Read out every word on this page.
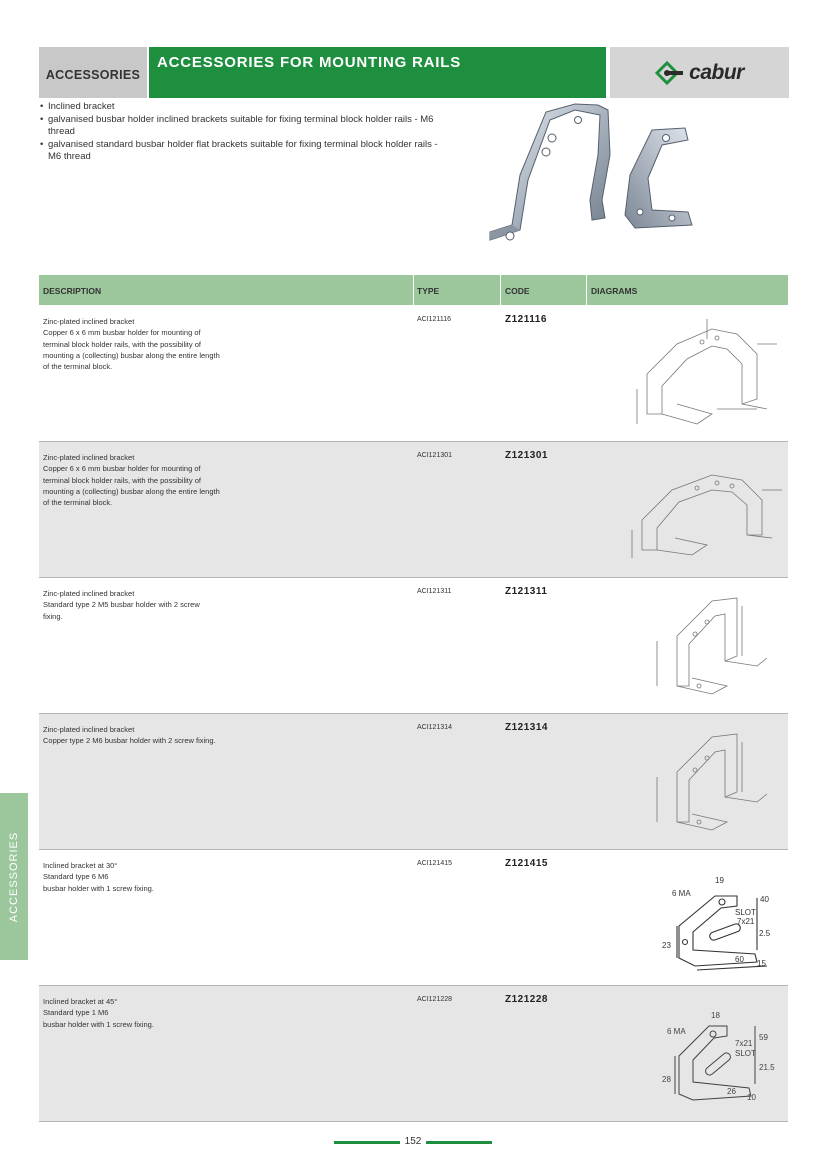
ACCESSORIES
ACCESSORIES FOR MOUNTING RAILS	cabur
• Inclined bracket
• galvanised busbar holder inclined brackets suitable for fixing terminal block holder rails - M6 thread
• galvanised standard busbar holder flat brackets suitable for fixing terminal block holder rails - M6 thread
DESCRIPTION	TYPE	CODE	DIAGRAMS
Zinc-plated inclined bracket
Copper 6 x 6 mm busbar holder for mounting of
terminal block holder rails, with the possibility of
mounting a (collecting) busbar along the entire length
of the terminal block.
ACI121116	Z121116
Zinc-plated inclined bracket
Copper 6 x 6 mm busbar holder for mounting of
terminal block holder rails, with the possibility of
mounting a (collecting) busbar along the entire length
of the terminal block.
ACI121301	Z121301
Zinc-plated inclined bracket
Standard type 2 M5 busbar holder with 2 screw
fixing.
ACI121311	Z121311
Zinc-plated inclined bracket
Copper type 2 M6 busbar holder with 2 screw fixing.
ACI121314	Z121314
Inclined bracket at 30°
Standard type 6 M6
busbar holder with 1 screw fixing.
ACI121415	Z121415
6 MA
19
40
SLOT
7x21
2.5
23
60 15
Inclined bracket at 45°
Standard type 1 M6
busbar holder with 1 screw fixing.
ACI121228	Z121228
6 MA
18
59
7x21
SLOT
21.5
28
26
10
ACCESSORIES
152
